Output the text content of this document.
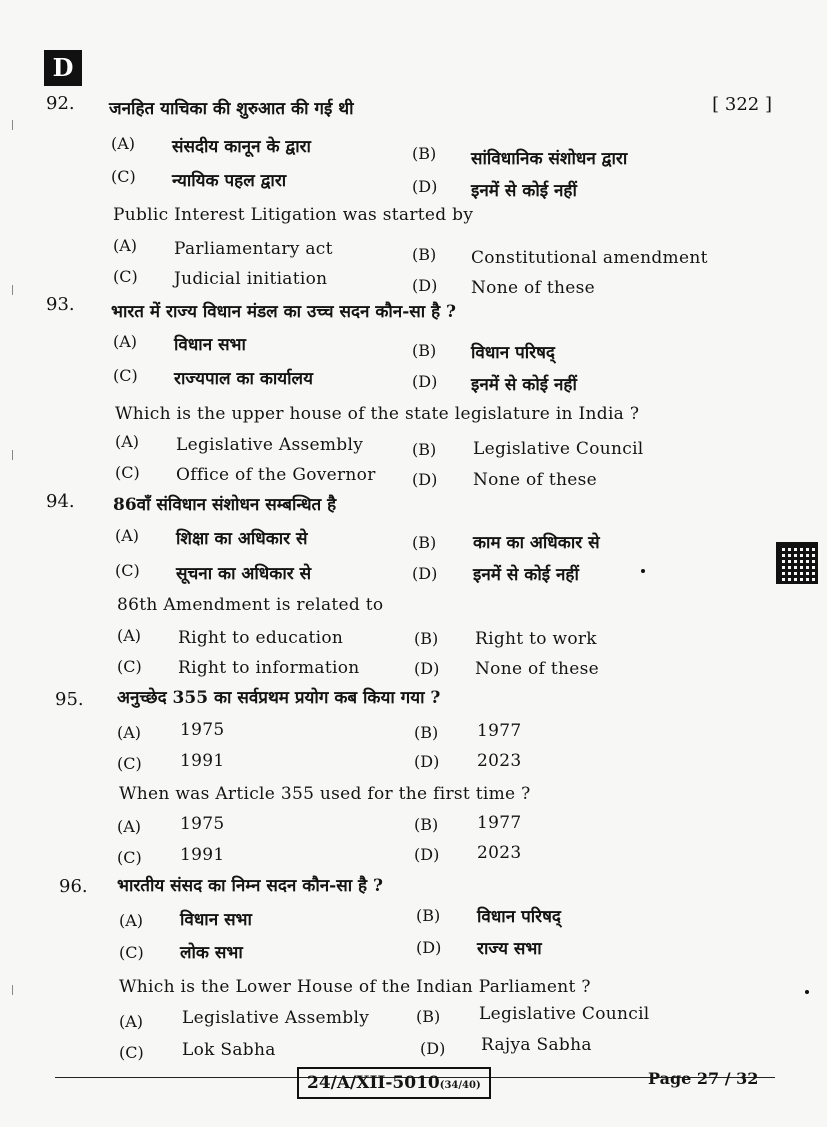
D
[ 322 ]
92. जनहित याचिका की शुरुआत की गई थी
(A) संसदीय कानून के द्वारा	(B) सांविधानिक संशोधन द्वारा
(C) न्यायिक पहल द्वारा	(D) इनमें से कोई नहीं
Public Interest Litigation was started by
(A) Parliamentary act	(B) Constitutional amendment
(C) Judicial initiation	(D) None of these
93. भारत में राज्य विधान मंडल का उच्च सदन कौन-सा है ?
(A) विधान सभा	(B) विधान परिषद्
(C) राज्यपाल का कार्यालय	(D) इनमें से कोई नहीं
Which is the upper house of the state legislature in India ?
(A) Legislative Assembly	(B) Legislative Council
(C) Office of the Governor (D) None of these
94. 86वाँ संविधान संशोधन सम्बन्धित है
(A) शिक्षा का अधिकार से	(B) काम का अधिकार से
(C) सूचना का अधिकार से	(D) इनमें से कोई नहीं
86th Amendment is related to
(A) Right to education	(B) Right to work
(C) Right to information	(D) None of these
95. अनुच्छेद 355 का सर्वप्रथम प्रयोग कब किया गया ?
(A) 1975	(B) 1977
(C) 1991	(D) 2023
When was Article 355 used for the first time ?
(A) 1975	(B) 1977
(C) 1991	(D) 2023
96. भारतीय संसद का निम्न सदन कौन-सा है ?
(A) विधान सभा	(B) विधान परिषद्
(C) लोक सभा	(D) राज्य सभा
Which is the Lower House of the Indian Parliament ?
(A) Legislative Assembly	(B) Legislative Council
(C) Lok Sabha	(D) Rajya Sabha
24/A/XII-5010(34/40)	Page 27 / 32
